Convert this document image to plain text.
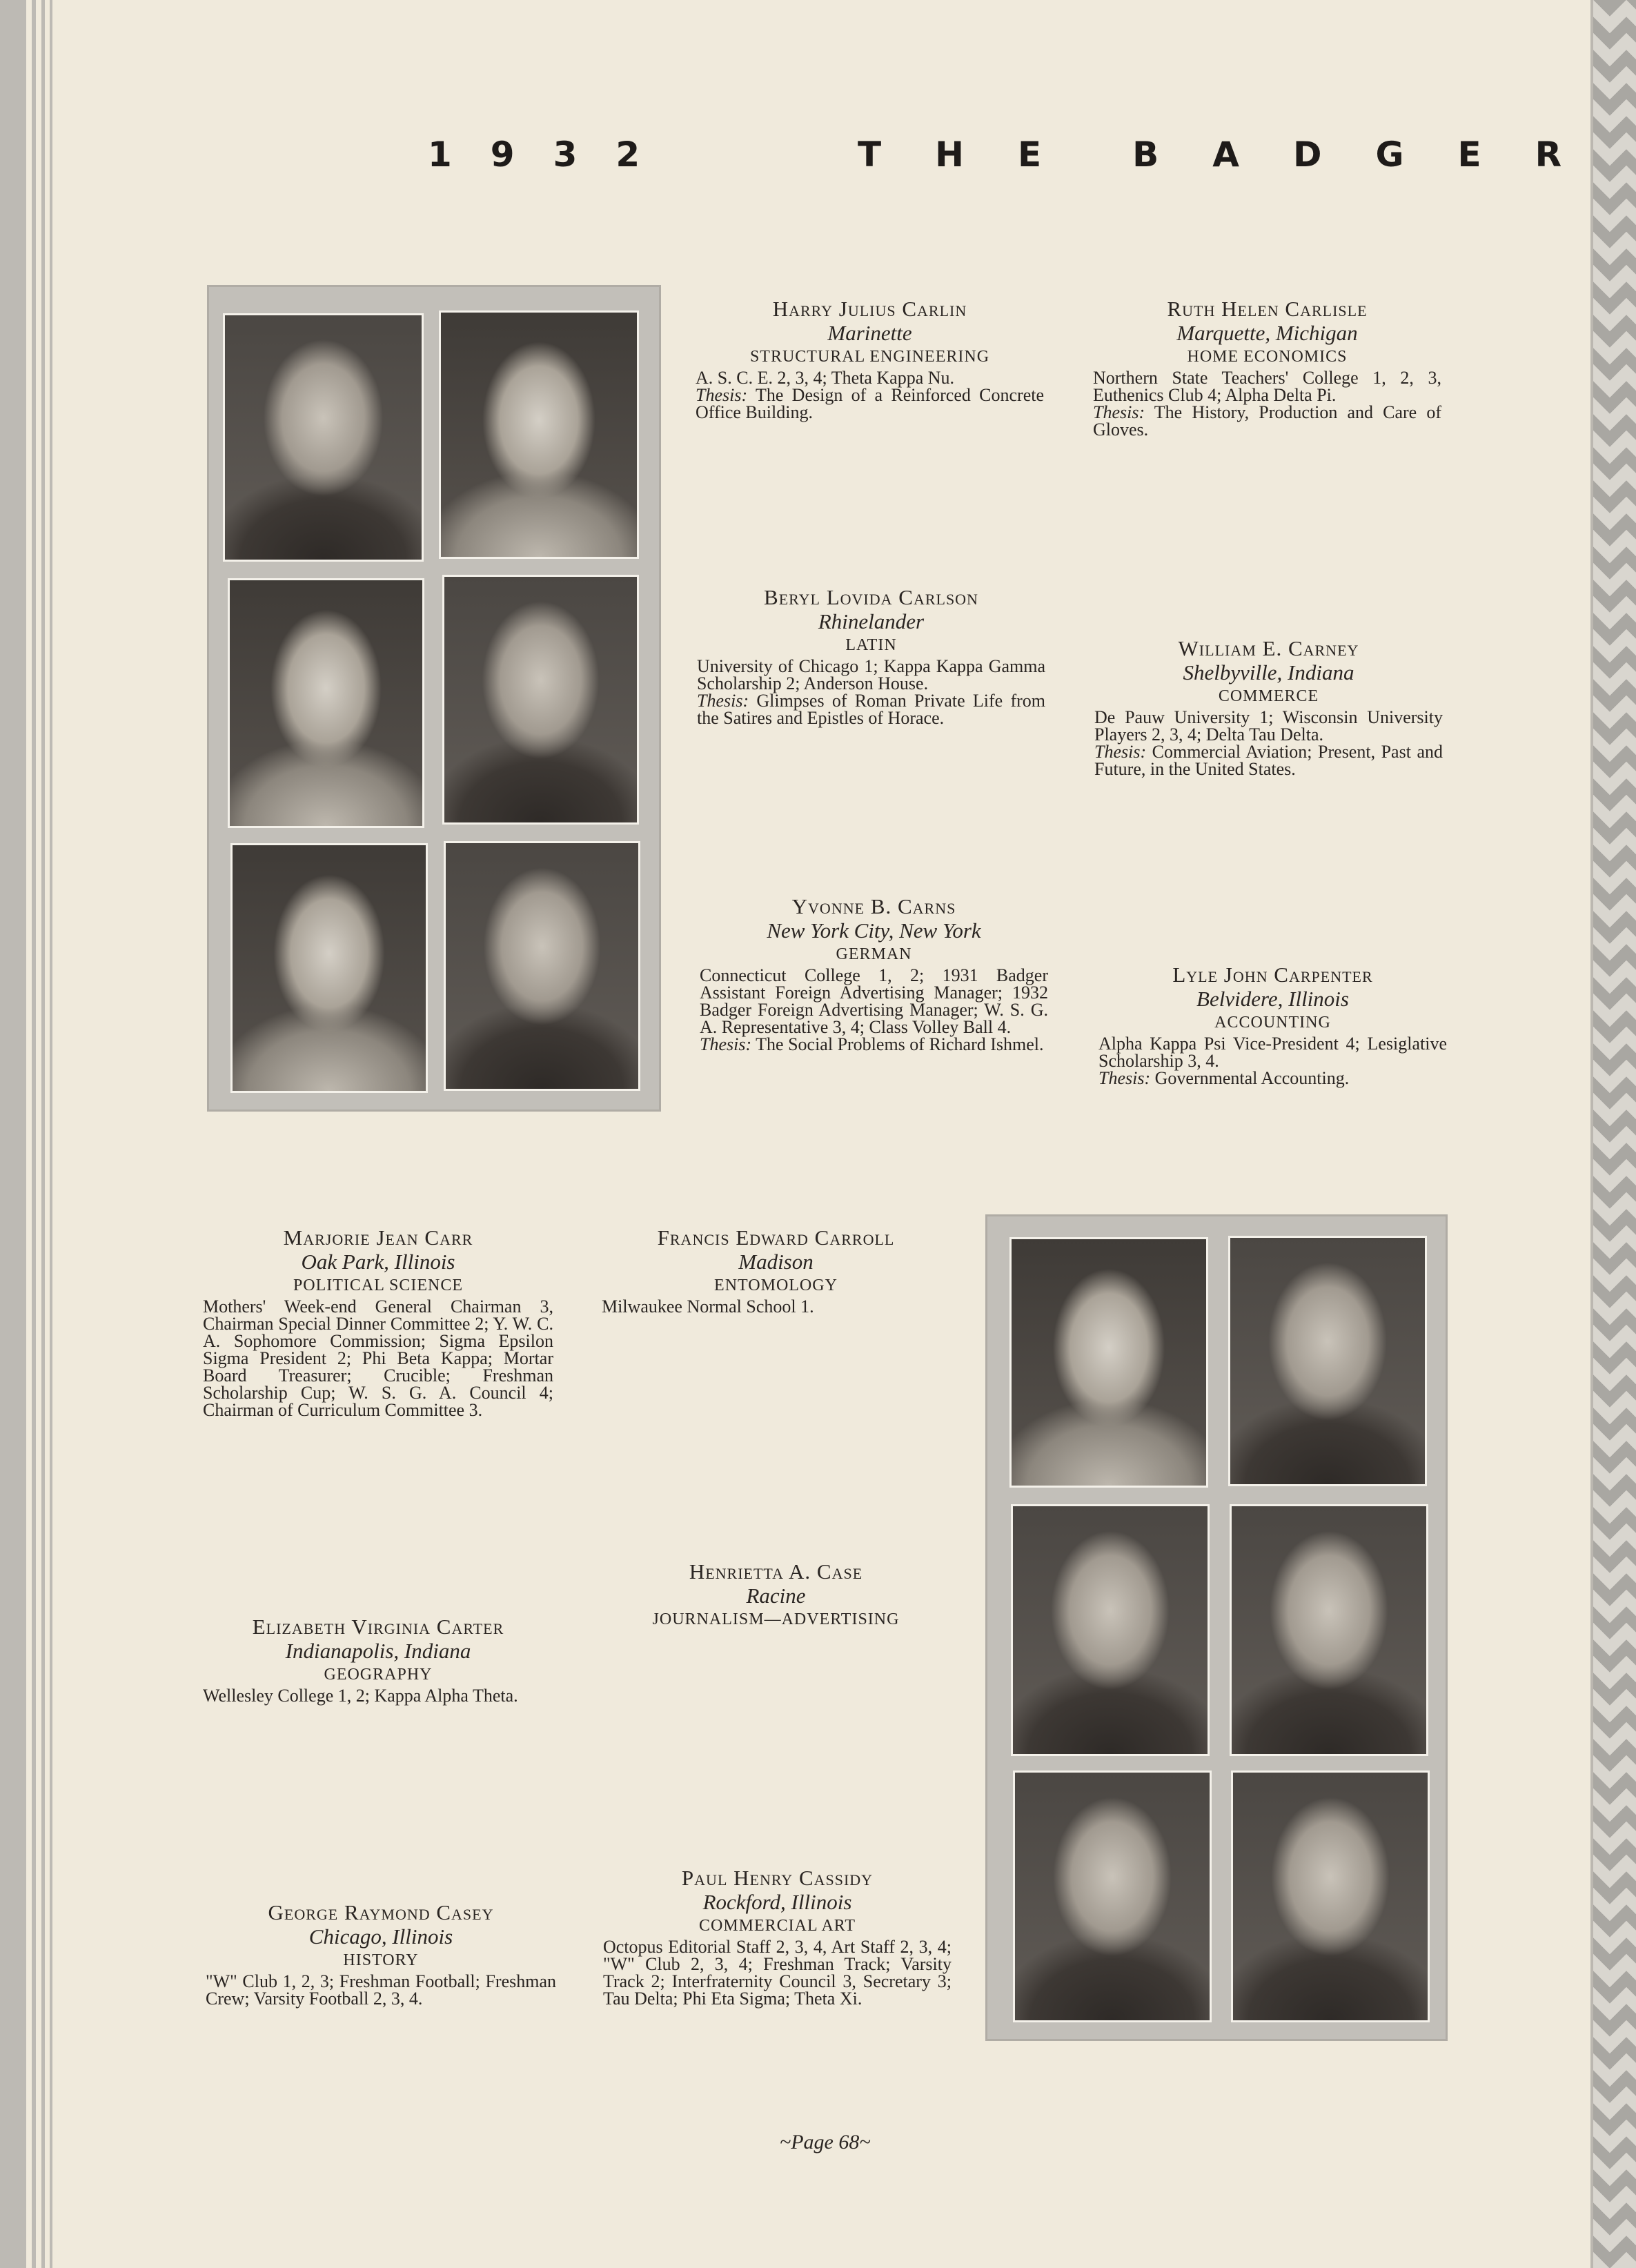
1 9 3 2	T H E	B A D G E R
Harry Julius Carlin
Marinette
STRUCTURAL ENGINEERING
A. S. C. E. 2, 3, 4; Theta Kappa Nu.
Thesis: The Design of a Reinforced Concrete Office Building.
Ruth Helen Carlisle
Marquette, Michigan
HOME ECONOMICS
Northern State Teachers' College 1, 2, 3, Euthenics Club 4; Alpha Delta Pi.
Thesis: The History, Production and Care of Gloves.
Beryl Lovida Carlson
Rhinelander
LATIN
University of Chicago 1; Kappa Kappa Gamma Scholarship 2; Anderson House.
Thesis: Glimpses of Roman Private Life from the Satires and Epistles of Horace.
William E. Carney
Shelbyville, Indiana
COMMERCE
De Pauw University 1; Wisconsin University Players 2, 3, 4; Delta Tau Delta.
Thesis: Commercial Aviation; Present, Past and Future, in the United States.
Yvonne B. Carns
New York City, New York
GERMAN
Connecticut College 1, 2; 1931 Badger Assistant Foreign Advertising Manager; 1932 Badger Foreign Advertising Manager; W. S. G. A. Representative 3, 4; Class Volley Ball 4.
Thesis: The Social Problems of Richard Ishmel.
Lyle John Carpenter
Belvidere, Illinois
ACCOUNTING
Alpha Kappa Psi Vice-President 4; Lesiglative Scholarship 3, 4.
Thesis: Governmental Accounting.
Marjorie Jean Carr
Oak Park, Illinois
POLITICAL SCIENCE
Mothers' Week-end General Chairman 3, Chairman Special Dinner Committee 2; Y. W. C. A. Sophomore Commission; Sigma Epsilon Sigma President 2; Phi Beta Kappa; Mortar Board Treasurer; Crucible; Freshman Scholarship Cup; W. S. G. A. Council 4; Chairman of Curriculum Committee 3.
Francis Edward Carroll
Madison
ENTOMOLOGY
Milwaukee Normal School 1.
Henrietta A. Case
Racine
JOURNALISM—ADVERTISING
Elizabeth Virginia Carter
Indianapolis, Indiana
GEOGRAPHY
Wellesley College 1, 2; Kappa Alpha Theta.
Paul Henry Cassidy
Rockford, Illinois
COMMERCIAL ART
Octopus Editorial Staff 2, 3, 4, Art Staff 2, 3, 4; "W" Club 2, 3, 4; Freshman Track; Varsity Track 2; Interfraternity Council 3, Secretary 3; Tau Delta; Phi Eta Sigma; Theta Xi.
George Raymond Casey
Chicago, Illinois
HISTORY
"W" Club 1, 2, 3; Freshman Football; Freshman Crew; Varsity Football 2, 3, 4.
~Page 68~
